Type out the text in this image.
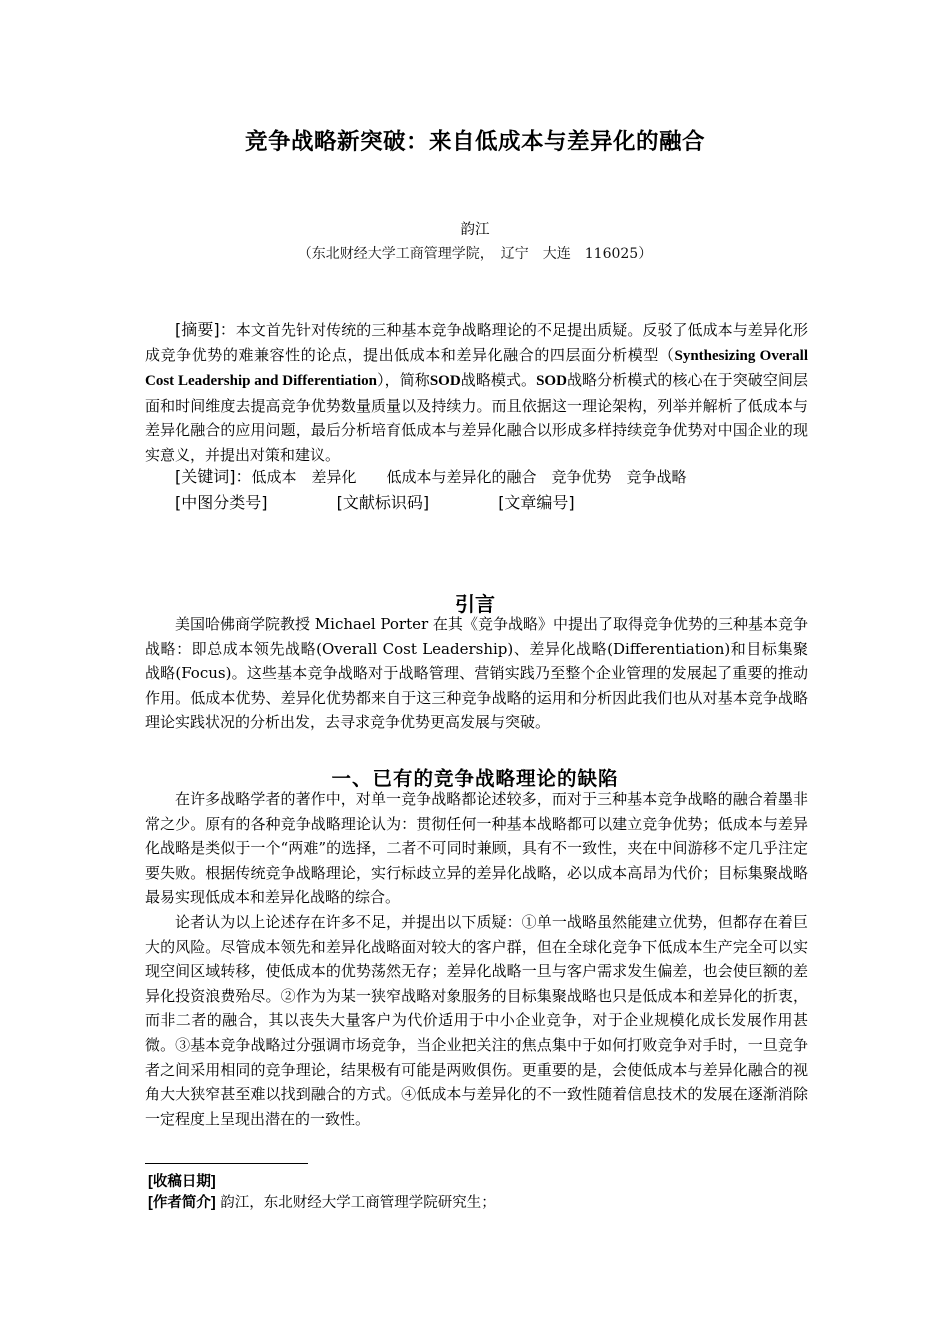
竞争战略新突破：来自低成本与差异化的融合
韵江
（东北财经大学工商管理学院，　辽宁　大连　116025）
[摘要]：本文首先针对传统的三种基本竞争战略理论的不足提出质疑。反驳了低成本与差异化形成竞争优势的难兼容性的论点，提出低成本和差异化融合的四层面分析模型（Synthesizing Overall Cost Leadership and Differentiation），简称SOD战略模式。SOD战略分析模式的核心在于突破空间层面和时间维度去提高竞争优势数量质量以及持续力。而且依据这一理论架构，列举并解析了低成本与差异化融合的应用问题，最后分析培育低成本与差异化融合以形成多样持续竞争优势对中国企业的现实意义，并提出对策和建议。
[关键词]：低成本　差异化　　低成本与差异化的融合　竞争优势　竞争战略
[中图分类号]	[文献标识码]	[文章编号]
引言
美国哈佛商学院教授 Michael Porter 在其《竞争战略》中提出了取得竞争优势的三种基本竞争战略：即总成本领先战略(Overall Cost Leadership)、差异化战略(Differentiation)和目标集聚战略(Focus)。这些基本竞争战略对于战略管理、营销实践乃至整个企业管理的发展起了重要的推动作用。低成本优势、差异化优势都来自于这三种竞争战略的运用和分析因此我们也从对基本竞争战略理论实践状况的分析出发，去寻求竞争优势更高发展与突破。
一、已有的竞争战略理论的缺陷
在许多战略学者的著作中，对单一竞争战略都论述较多，而对于三种基本竞争战略的融合着墨非常之少。原有的各种竞争战略理论认为：贯彻任何一种基本战略都可以建立竞争优势；低成本与差异化战略是类似于一个“两难”的选择，二者不可同时兼顾，具有不一致性，夹在中间游移不定几乎注定要失败。根据传统竞争战略理论，实行标歧立异的差异化战略，必以成本高昂为代价；目标集聚战略最易实现低成本和差异化战略的综合。
论者认为以上论述存在许多不足，并提出以下质疑：①单一战略虽然能建立优势，但都存在着巨大的风险。尽管成本领先和差异化战略面对较大的客户群，但在全球化竞争下低成本生产完全可以实现空间区域转移，使低成本的优势荡然无存；差异化战略一旦与客户需求发生偏差，也会使巨额的差异化投资浪费殆尽。②作为为某一狭窄战略对象服务的目标集聚战略也只是低成本和差异化的折衷，而非二者的融合，其以丧失大量客户为代价适用于中小企业竞争，对于企业规模化成长发展作用甚微。③基本竞争战略过分强调市场竞争，当企业把关注的焦点集中于如何打败竞争对手时，一旦竞争者之间采用相同的竞争理论，结果极有可能是两败俱伤。更重要的是，会使低成本与差异化融合的视角大大狭窄甚至难以找到融合的方式。④低成本与差异化的不一致性随着信息技术的发展在逐渐消除一定程度上呈现出潜在的一致性。
[收稿日期]
[作者简介] 韵江，东北财经大学工商管理学院研究生；
